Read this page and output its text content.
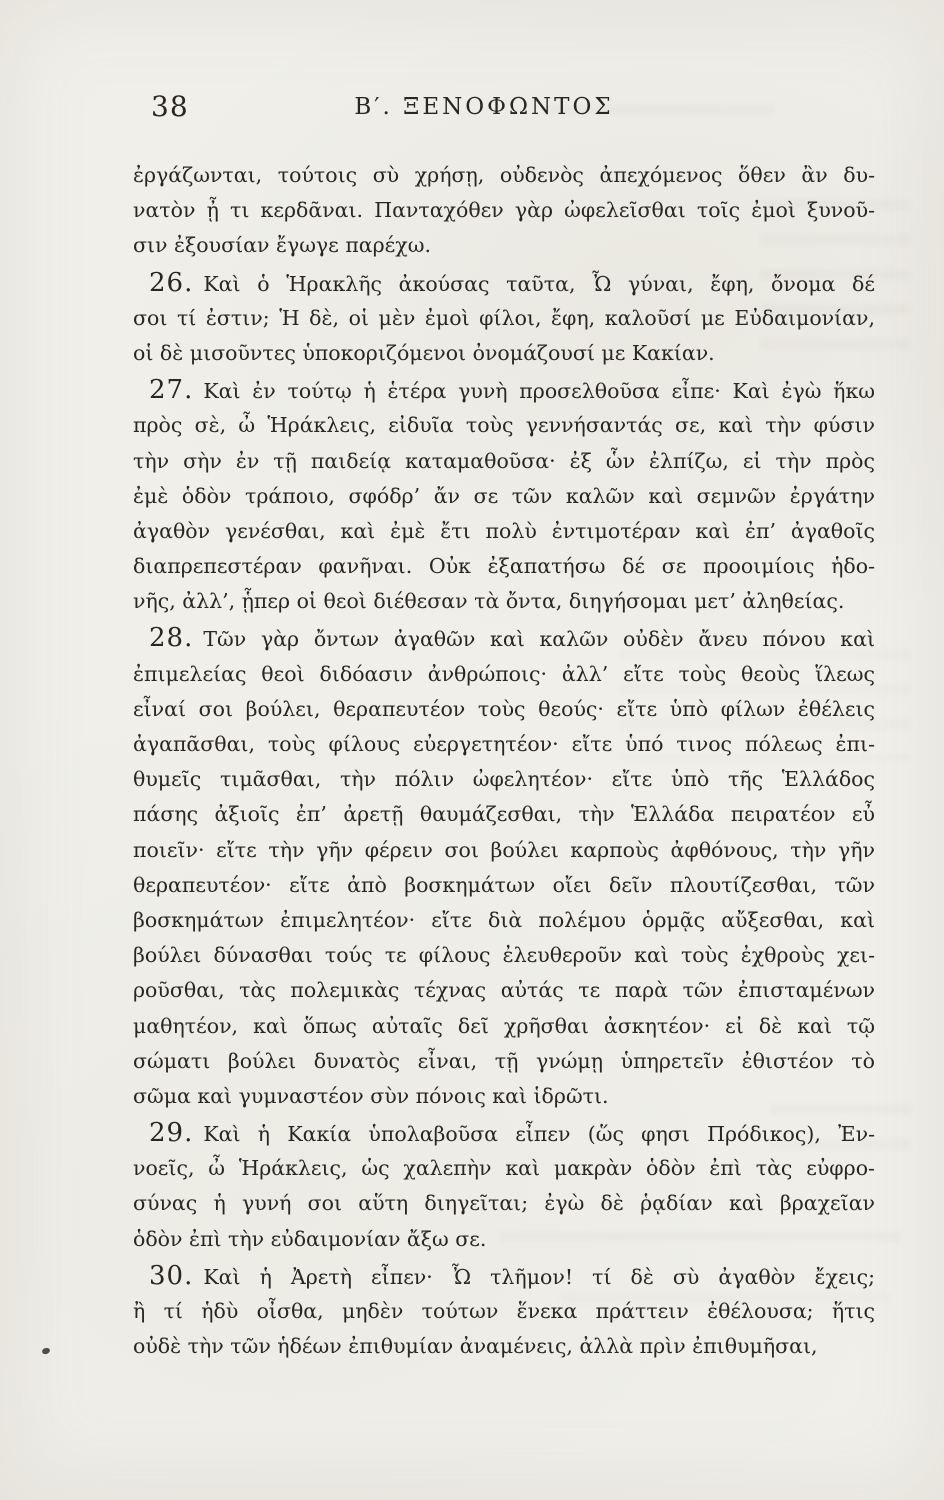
38	Β′. ΞΕΝΟΦΩΝΤΟΣ
ἐργάζωνται, τούτοις σὺ χρήσῃ, οὐδενὸς ἀπεχόμενος ὅθεν ἂν δυ-
νατὸν ᾖ τι κερδᾶναι. Πανταχόθεν γὰρ ὠφελεῖσθαι τοῖς ἐμοὶ ξυνοῦ-
σιν ἐξουσίαν ἔγωγε παρέχω.
26. Καὶ ὁ Ἡρακλῆς ἀκούσας ταῦτα, Ὦ γύναι, ἔφη, ὄνομα δέ
σοι τί ἐστιν; Ἡ δὲ, οἱ μὲν ἐμοὶ φίλοι, ἔφη, καλοῦσί με Εὐδαιμονίαν,
οἱ δὲ μισοῦντες ὑποκοριζόμενοι ὀνομάζουσί με Κακίαν.
27. Καὶ ἐν τούτῳ ἡ ἑτέρα γυνὴ προσελθοῦσα εἶπε· Καὶ ἐγὼ ἥκω
πρὸς σὲ, ὦ Ἡράκλεις, εἰδυῖα τοὺς γεννήσαντάς σε, καὶ τὴν φύσιν
τὴν σὴν ἐν τῇ παιδείᾳ καταμαθοῦσα· ἐξ ὧν ἐλπίζω, εἰ τὴν πρὸς
ἐμὲ ὁδὸν τράποιο, σφόδρ’ ἄν σε τῶν καλῶν καὶ σεμνῶν ἐργάτην
ἀγαθὸν γενέσθαι, καὶ ἐμὲ ἔτι πολὺ ἐντιμοτέραν καὶ ἐπ’ ἀγαθοῖς
διαπρεπεστέραν φανῆναι. Οὐκ ἐξαπατήσω δέ σε προοιμίοις ἡδο-
νῆς, ἀλλ’, ᾗπερ οἱ θεοὶ διέθεσαν τὰ ὄντα, διηγήσομαι μετ’ ἀληθείας.
28. Τῶν γὰρ ὄντων ἀγαθῶν καὶ καλῶν οὐδὲν ἄνευ πόνου καὶ
ἐπιμελείας θεοὶ διδόασιν ἀνθρώποις· ἀλλ’ εἴτε τοὺς θεοὺς ἵλεως
εἶναί σοι βούλει, θεραπευτέον τοὺς θεούς· εἴτε ὑπὸ φίλων ἐθέλεις
ἀγαπᾶσθαι, τοὺς φίλους εὐεργετητέον· εἴτε ὑπό τινος πόλεως ἐπι-
θυμεῖς τιμᾶσθαι, τὴν πόλιν ὠφελητέον· εἴτε ὑπὸ τῆς Ἑλλάδος
πάσης ἀξιοῖς ἐπ’ ἀρετῇ θαυμάζεσθαι, τὴν Ἑλλάδα πειρατέον εὖ
ποιεῖν· εἴτε τὴν γῆν φέρειν σοι βούλει καρποὺς ἀφθόνους, τὴν γῆν
θεραπευτέον· εἴτε ἀπὸ βοσκημάτων οἴει δεῖν πλουτίζεσθαι, τῶν
βοσκημάτων ἐπιμελητέον· εἴτε διὰ πολέμου ὁρμᾷς αὔξεσθαι, καὶ
βούλει δύνασθαι τούς τε φίλους ἐλευθεροῦν καὶ τοὺς ἐχθροὺς χει-
ροῦσθαι, τὰς πολεμικὰς τέχνας αὐτάς τε παρὰ τῶν ἐπισταμένων
μαθητέον, καὶ ὅπως αὐταῖς δεῖ χρῆσθαι ἀσκητέον· εἰ δὲ καὶ τῷ
σώματι βούλει δυνατὸς εἶναι, τῇ γνώμῃ ὑπηρετεῖν ἐθιστέον τὸ
σῶμα καὶ γυμναστέον σὺν πόνοις καὶ ἱδρῶτι.
29. Καὶ ἡ Κακία ὑπολαβοῦσα εἶπεν (ὥς φησι Πρόδικος), Ἐν-
νοεῖς, ὦ Ἡράκλεις, ὡς χαλεπὴν καὶ μακρὰν ὁδὸν ἐπὶ τὰς εὐφρο-
σύνας ἡ γυνή σοι αὕτη διηγεῖται; ἐγὼ δὲ ῥᾳδίαν καὶ βραχεῖαν
ὁδὸν ἐπὶ τὴν εὐδαιμονίαν ἄξω σε.
30. Καὶ ἡ Ἀρετὴ εἶπεν· Ὦ τλῆμον! τί δὲ σὺ ἀγαθὸν ἔχεις;
ἢ τί ἡδὺ οἶσθα, μηδὲν τούτων ἕνεκα πράττειν ἐθέλουσα; ἥτις
οὐδὲ τὴν τῶν ἡδέων ἐπιθυμίαν ἀναμένεις, ἀλλὰ πρὶν ἐπιθυμῆσαι,
